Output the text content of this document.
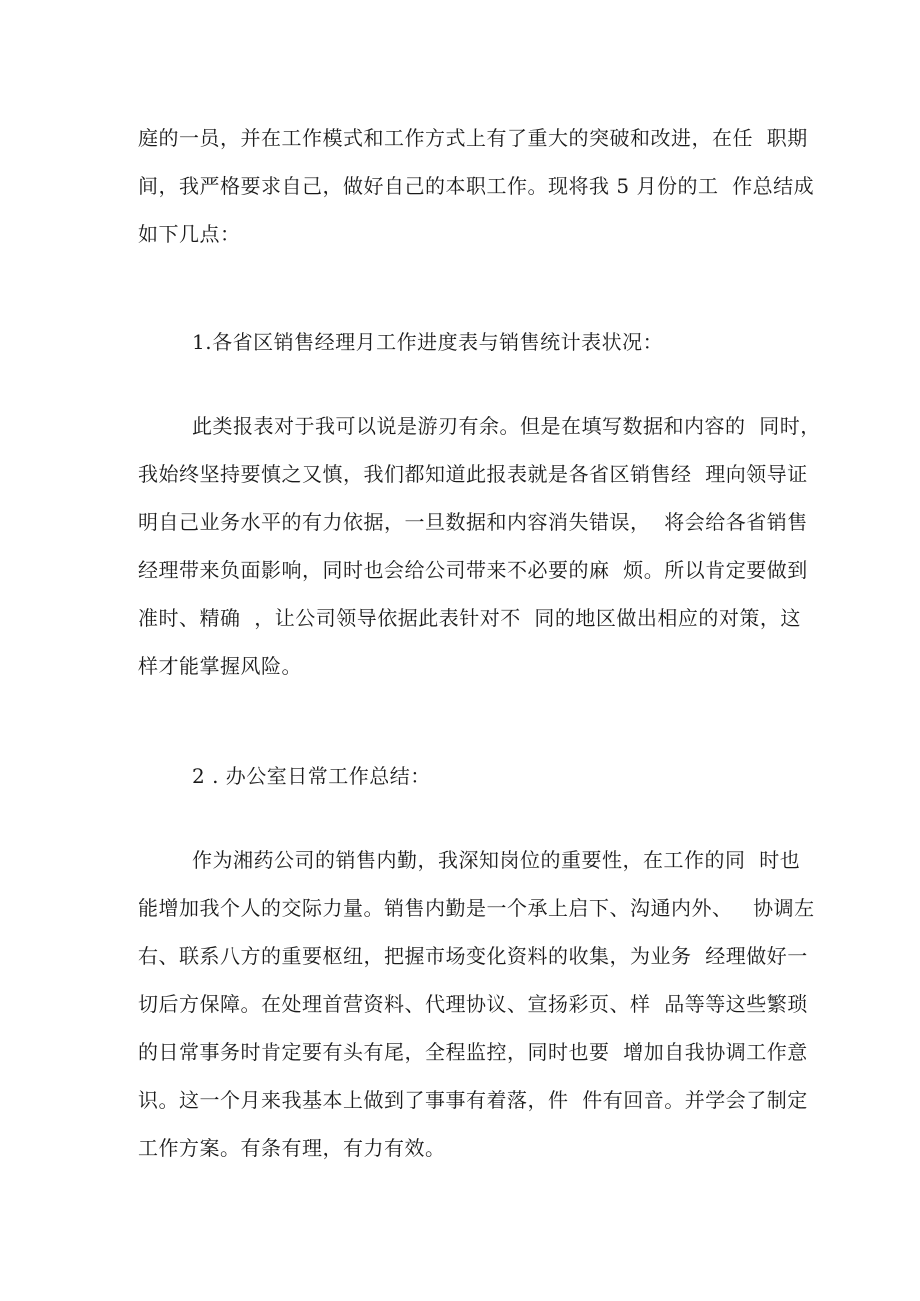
庭的一员，并在工作模式和工作方式上有了重大的突破和改进，在任  职期
间，我严格要求自己，做好自己的本职工作。现将我 5 月份的工  作总结成
如下几点：
1.各省区销售经理月工作进度表与销售统计表状况：
此类报表对于我可以说是游刃有余。但是在填写数据和内容的  同时，
我始终坚持要慎之又慎，我们都知道此报表就是各省区销售经  理向领导证
明自己业务水平的有力依据，一旦数据和内容消失错误，  将会给各省销售
经理带来负面影响，同时也会给公司带来不必要的麻  烦。所以肯定要做到
准时、精确  ，让公司领导依据此表针对不  同的地区做出相应的对策，这
样才能掌握风险。
2 . 办公室日常工作总结：
作为湘药公司的销售内勤，我深知岗位的重要性，在工作的同  时也
能增加我个人的交际力量。销售内勤是一个承上启下、沟通内外、   协调左
右、联系八方的重要枢纽，把握市场变化资料的收集，为业务  经理做好一
切后方保障。在处理首营资料、代理协议、宣扬彩页、样  品等等这些繁琐
的日常事务时肯定要有头有尾，全程监控，同时也要  增加自我协调工作意
识。这一个月来我基本上做到了事事有着落，件  件有回音。并学会了制定
工作方案。有条有理，有力有效。
